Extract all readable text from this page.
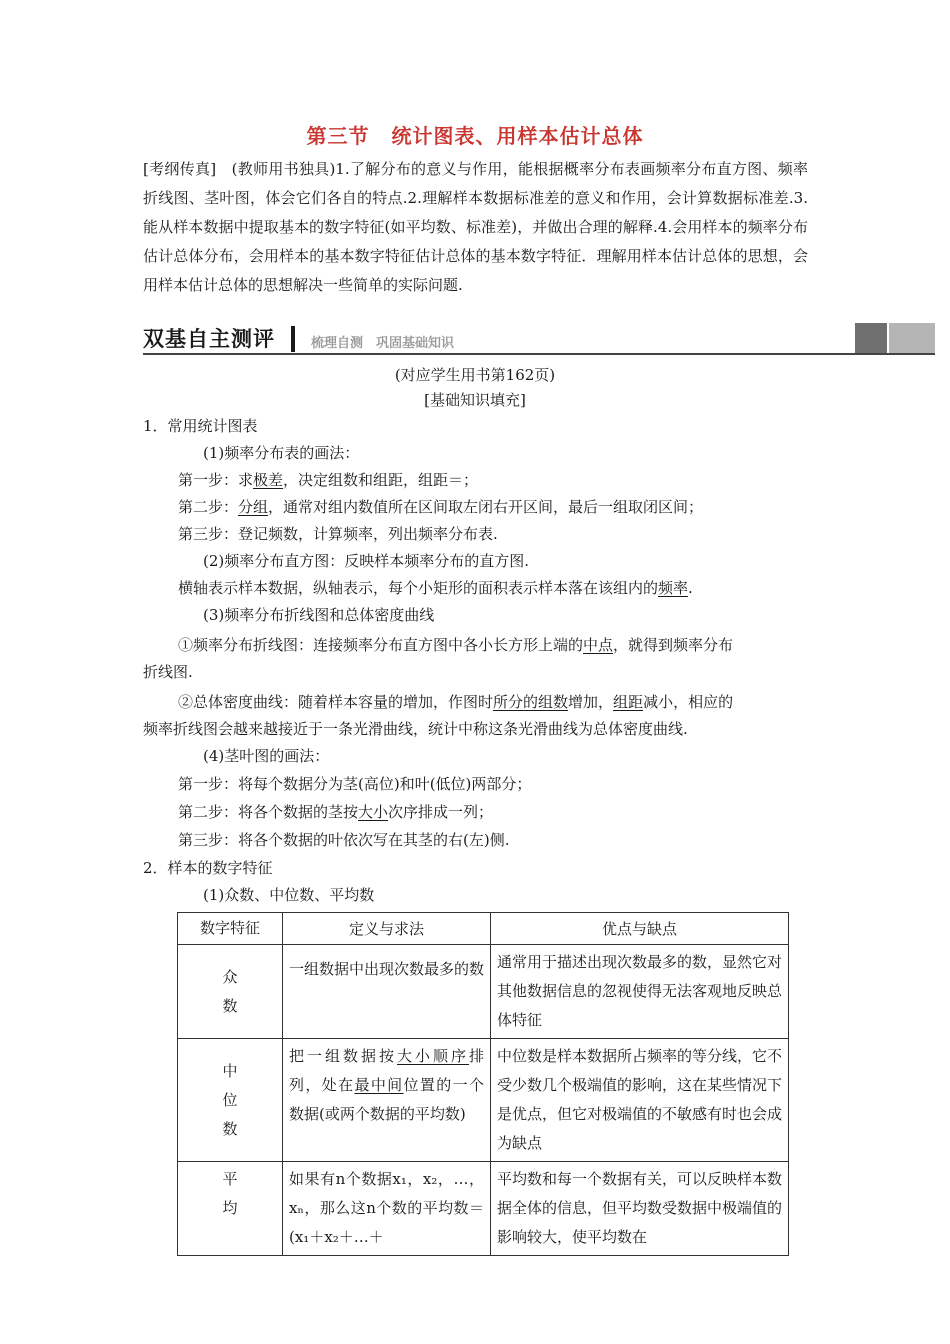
第三节 统计图表、用样本估计总体
[考纲传真]　(教师用书独具)1.了解分布的意义与作用，能根据概率分布表画频率分布直方图、频率折线图、茎叶图，体会它们各自的特点.2.理解样本数据标准差的意义和作用，会计算数据标准差.3.能从样本数据中提取基本的数字特征(如平均数、标准差)，并做出合理的解释.4.会用样本的频率分布估计总体分布，会用样本的基本数字特征估计总体的基本数字特征．理解用样本估计总体的思想，会用样本估计总体的思想解决一些简单的实际问题.
双基自主测评	梳理自测　巩固基础知识
(对应学生用书第162页)
[基础知识填充]
1．常用统计图表
(1)频率分布表的画法：
第一步：求极差，决定组数和组距，组距＝；
第二步：分组，通常对组内数值所在区间取左闭右开区间，最后一组取闭区间；
第三步：登记频数，计算频率，列出频率分布表.
(2)频率分布直方图：反映样本频率分布的直方图.
横轴表示样本数据，纵轴表示，每个小矩形的面积表示样本落在该组内的频率.
(3)频率分布折线图和总体密度曲线
①频率分布折线图：连接频率分布直方图中各小长方形上端的中点，就得到频率分布
折线图.
②总体密度曲线：随着样本容量的增加，作图时所分的组数增加，组距减小，相应的
频率折线图会越来越接近于一条光滑曲线，统计中称这条光滑曲线为总体密度曲线.
(4)茎叶图的画法：
第一步：将每个数据分为茎(高位)和叶(低位)两部分；
第二步：将各个数据的茎按大小次序排成一列；
第三步：将各个数据的叶依次写在其茎的右(左)侧.
2．样本的数字特征
(1)众数、中位数、平均数
数字特征	定义与求法	优点与缺点

众
数	一组数据中出现次数最多的数	通常用于描述出现次数最多的数，显然它对其他数据信息的忽视使得无法客观地反映总体特征

中
位
数	把一组数据按大小顺序排列，处在最中间位置的一个数据(或两个数据的平均数)	中位数是样本数据所占频率的等分线，它不受少数几个极端值的影响，这在某些情况下是优点，但它对极端值的不敏感有时也会成为缺点

平
均	如果有n个数据x₁，x₂，…，xₙ，那么这n个数的平均数＝(x₁＋x₂＋…＋	平均数和每一个数据有关，可以反映样本数据全体的信息，但平均数受数据中极端值的影响较大，使平均数在
